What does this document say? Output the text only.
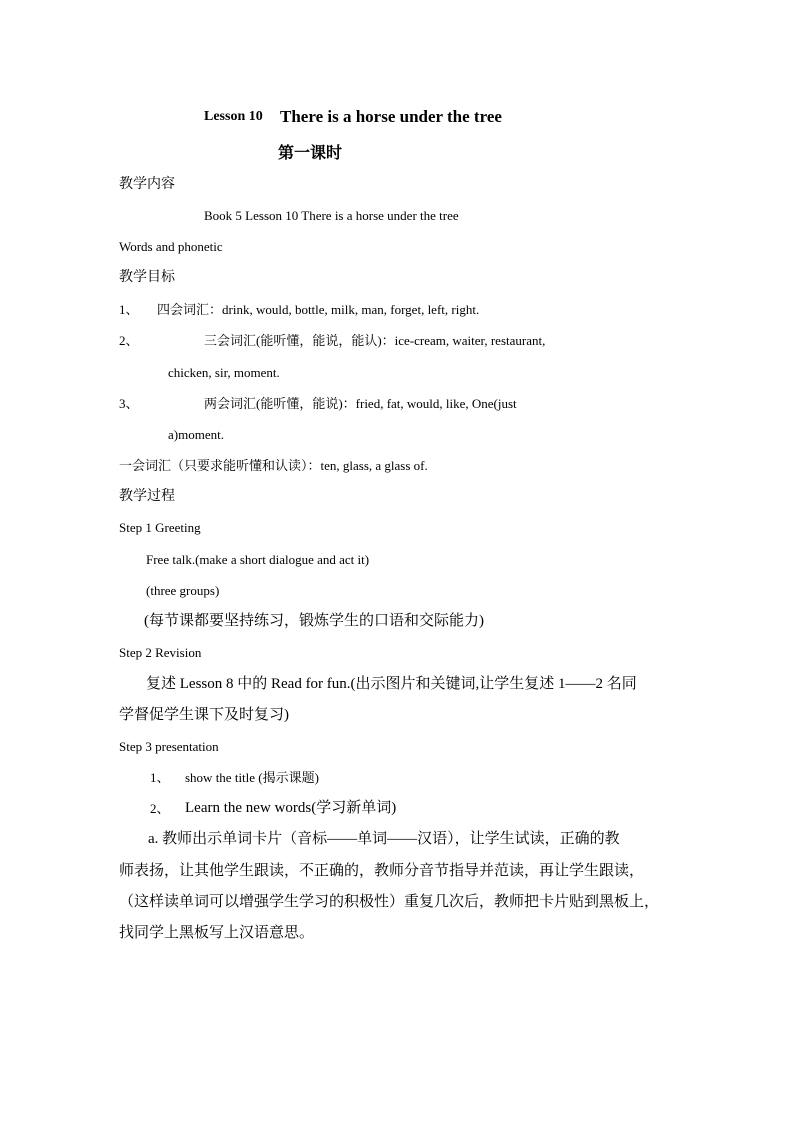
Lesson 10 There is a horse under the tree
第一课时
教学内容
Book 5 Lesson 10 There is a horse under the tree
Words and phonetic
教学目标
1、 四会词汇：drink, would, bottle, milk, man, forget, left, right.
2、	三会词汇(能听懂，能说，能认)：ice-cream, waiter, restaurant,
chicken, sir, moment.
3、	两会词汇(能听懂，能说)：fried, fat, would, like, One(just
a)moment.
一会词汇（只要求能听懂和认读）：ten, glass, a glass of.
教学过程
Step 1 Greeting
Free talk.(make a short dialogue and act it)
(three groups)
(每节课都要坚持练习，锻炼学生的口语和交际能力)
Step 2 Revision
复述 Lesson 8 中的 Read for fun.(出示图片和关键词,让学生复述 1——2 名同
学督促学生课下及时复习)
Step 3 presentation
1、 show the title (揭示课题)
2、 Learn the new words(学习新单词)
a. 教师出示单词卡片（音标——单词——汉语），让学生试读，正确的教
师表扬，让其他学生跟读，不正确的，教师分音节指导并范读，再让学生跟读，
（这样读单词可以增强学生学习的积极性）重复几次后，教师把卡片贴到黑板上，
找同学上黑板写上汉语意思。
